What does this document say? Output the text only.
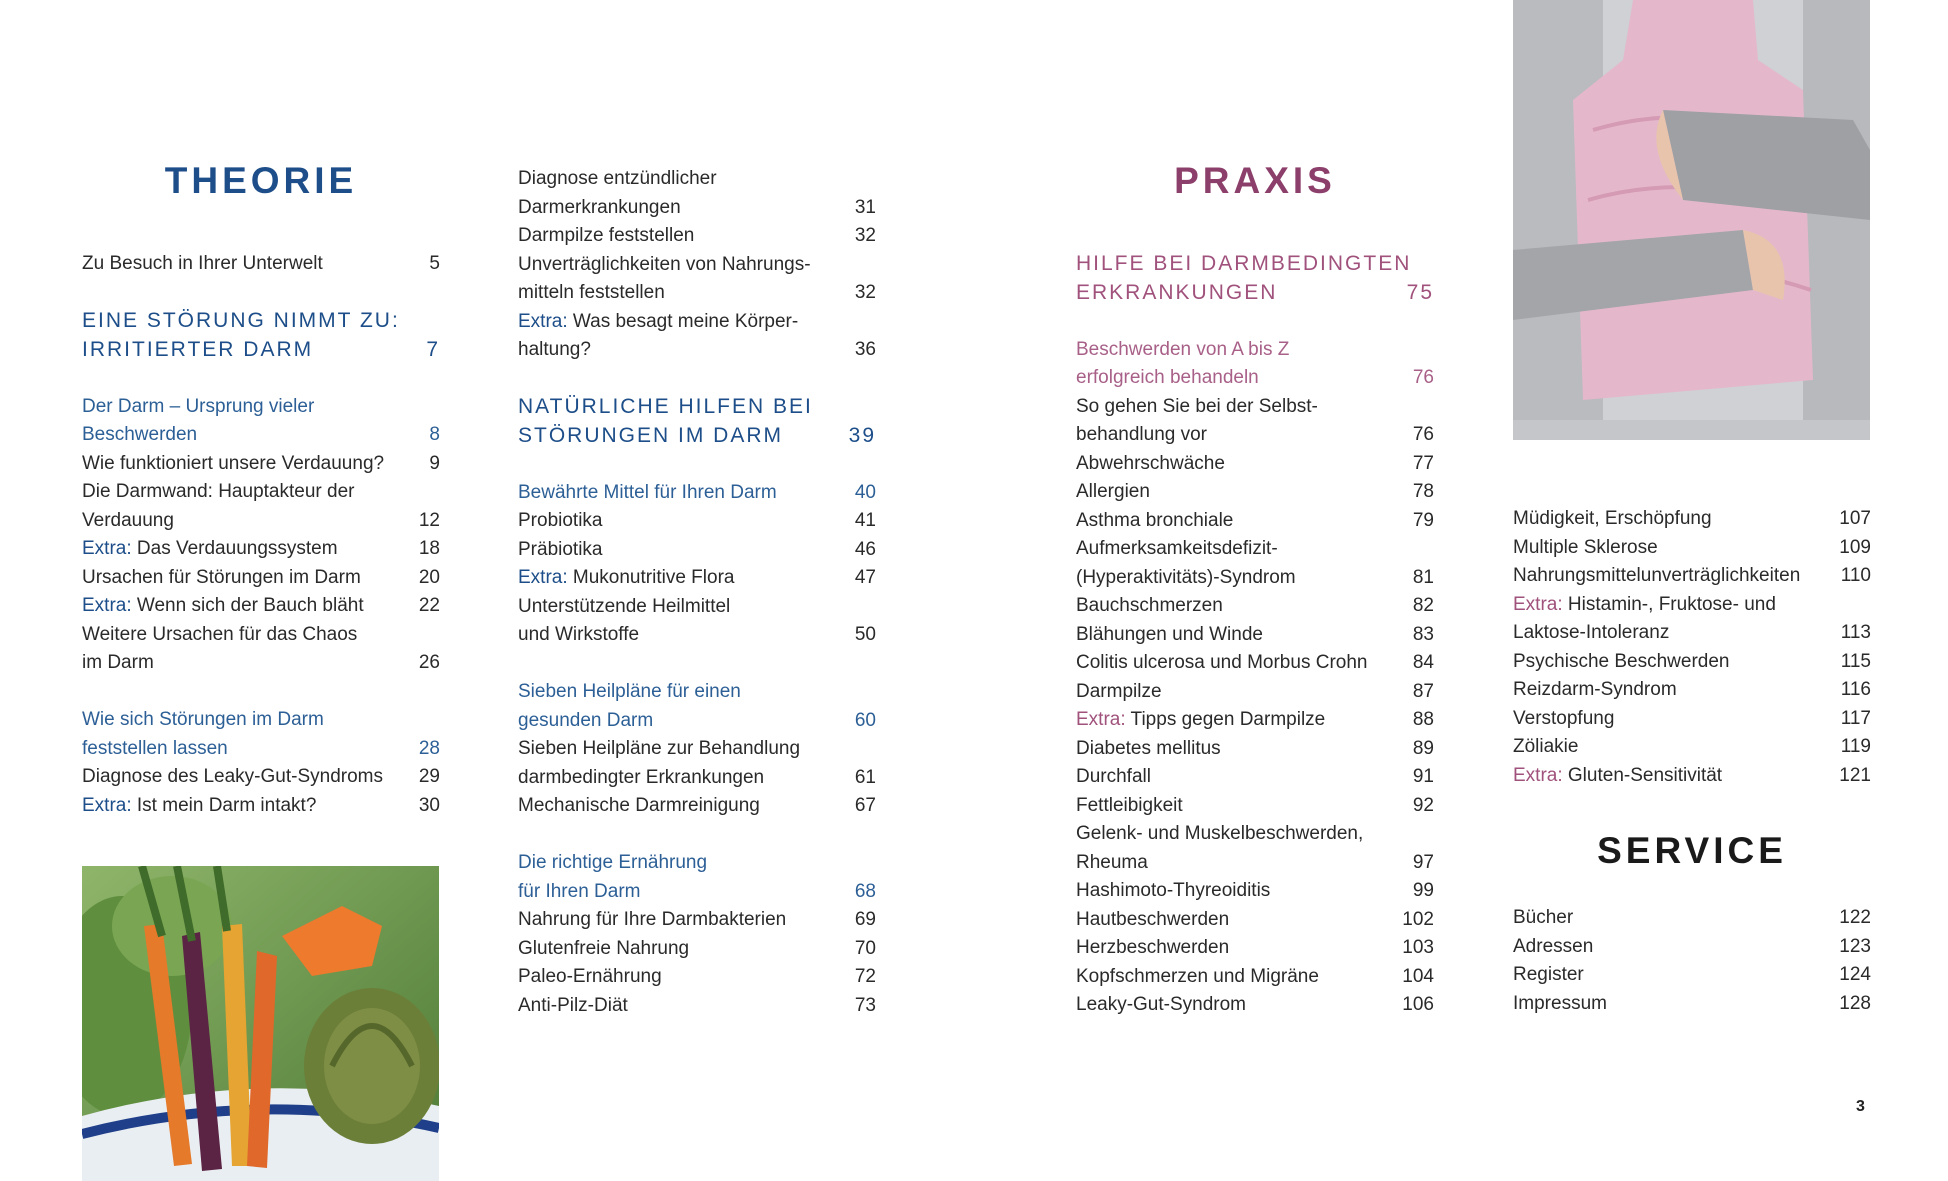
THEORIE
Zu Besuch in Ihrer Unterwelt	5
EINE STÖRUNG NIMMT ZU:
IRRITIERTER DARM	7
Der Darm – Ursprung vieler
Beschwerden	8
Wie funktioniert unsere Verdauung?	9
Die Darmwand: Hauptakteur der
Verdauung	12
Extra: Das Verdauungssystem	18
Ursachen für Störungen im Darm	20
Extra: Wenn sich der Bauch bläht	22
Weitere Ursachen für das Chaos
im Darm	26
Wie sich Störungen im Darm
feststellen lassen	28
Diagnose des Leaky-Gut-Syndroms	29
Extra: Ist mein Darm intakt?	30
Diagnose entzündlicher
Darmerkrankungen	31
Darmpilze feststellen	32
Unverträglichkeiten von Nahrungs-
mitteln feststellen	32
Extra: Was besagt meine Körper-
haltung?	36
NATÜRLICHE HILFEN BEI
STÖRUNGEN IM DARM	39
Bewährte Mittel für Ihren Darm	40
Probiotika	41
Präbiotika	46
Extra: Mukonutritive Flora	47
Unterstützende Heilmittel
und Wirkstoffe	50
Sieben Heilpläne für einen
gesunden Darm	60
Sieben Heilpläne zur Behandlung
darmbedingter Erkrankungen	61
Mechanische Darmreinigung	67
Die richtige Ernährung
für Ihren Darm	68
Nahrung für Ihre Darmbakterien	69
Glutenfreie Nahrung	70
Paleo-Ernährung	72
Anti-Pilz-Diät	73
PRAXIS
HILFE BEI DARMBEDINGTEN
ERKRANKUNGEN	75
Beschwerden von A bis Z
erfolgreich behandeln	76
So gehen Sie bei der Selbst-
behandlung vor	76
Abwehrschwäche	77
Allergien	78
Asthma bronchiale	79
Aufmerksamkeitsdefizit-
(Hyperaktivitäts)-Syndrom	81
Bauchschmerzen	82
Blähungen und Winde	83
Colitis ulcerosa und Morbus Crohn	84
Darmpilze	87
Extra: Tipps gegen Darmpilze	88
Diabetes mellitus	89
Durchfall	91
Fettleibigkeit	92
Gelenk- und Muskelbeschwerden,
Rheuma	97
Hashimoto-Thyreoiditis	99
Hautbeschwerden	102
Herzbeschwerden	103
Kopfschmerzen und Migräne	104
Leaky-Gut-Syndrom	106
Müdigkeit, Erschöpfung	107
Multiple Sklerose	109
Nahrungsmittelunverträglichkeiten	110
Extra: Histamin-, Fruktose- und
Laktose-Intoleranz	113
Psychische Beschwerden	115
Reizdarm-Syndrom	116
Verstopfung	117
Zöliakie	119
Extra: Gluten-Sensitivität	121
SERVICE
Bücher	122
Adressen	123
Register	124
Impressum	128
3
